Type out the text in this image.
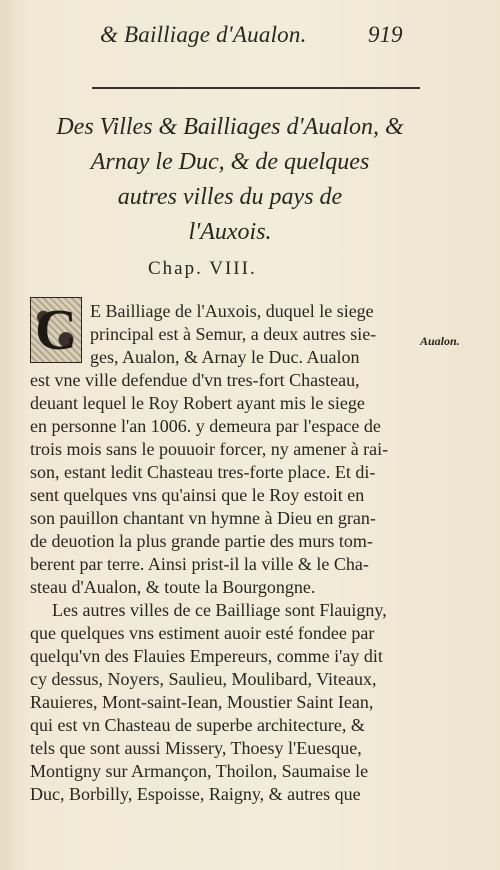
& Bailliage d'Aualon.	919
Des Villes & Bailliages d'Aualon, &
Arnay le Duc, & de quelques
autres villes du pays de
l'Auxois.
Chap. VIII.
C	Aualon.
E Bailliage de l'Auxois, duquel le siege
principal est à Semur, a deux autres sie-
ges, Aualon, & Arnay le Duc. Aualon
est vne ville defendue d'vn tres-fort Chasteau,
deuant lequel le Roy Robert ayant mis le siege
en personne l'an 1006. y demeura par l'espace de
trois mois sans le pouuoir forcer, ny amener à rai-
son, estant ledit Chasteau tres-forte place. Et di-
sent quelques vns qu'ainsi que le Roy estoit en
son pauillon chantant vn hymne à Dieu en gran-
de deuotion la plus grande partie des murs tom-
berent par terre. Ainsi prist-il la ville & le Cha-
steau d'Aualon, & toute la Bourgongne.
Les autres villes de ce Bailliage sont Flauigny,
que quelques vns estiment auoir esté fondee par
quelqu'vn des Flauies Empereurs, comme i'ay dit
cy dessus, Noyers, Saulieu, Moulibard, Viteaux,
Rauieres, Mont-saint-Iean, Moustier Saint Iean,
qui est vn Chasteau de superbe architecture, &
tels que sont aussi Missery, Thoesy l'Euesque,
Montigny sur Armançon, Thoilon, Saumaise le
Duc, Borbilly, Espoisse, Raigny, & autres que
